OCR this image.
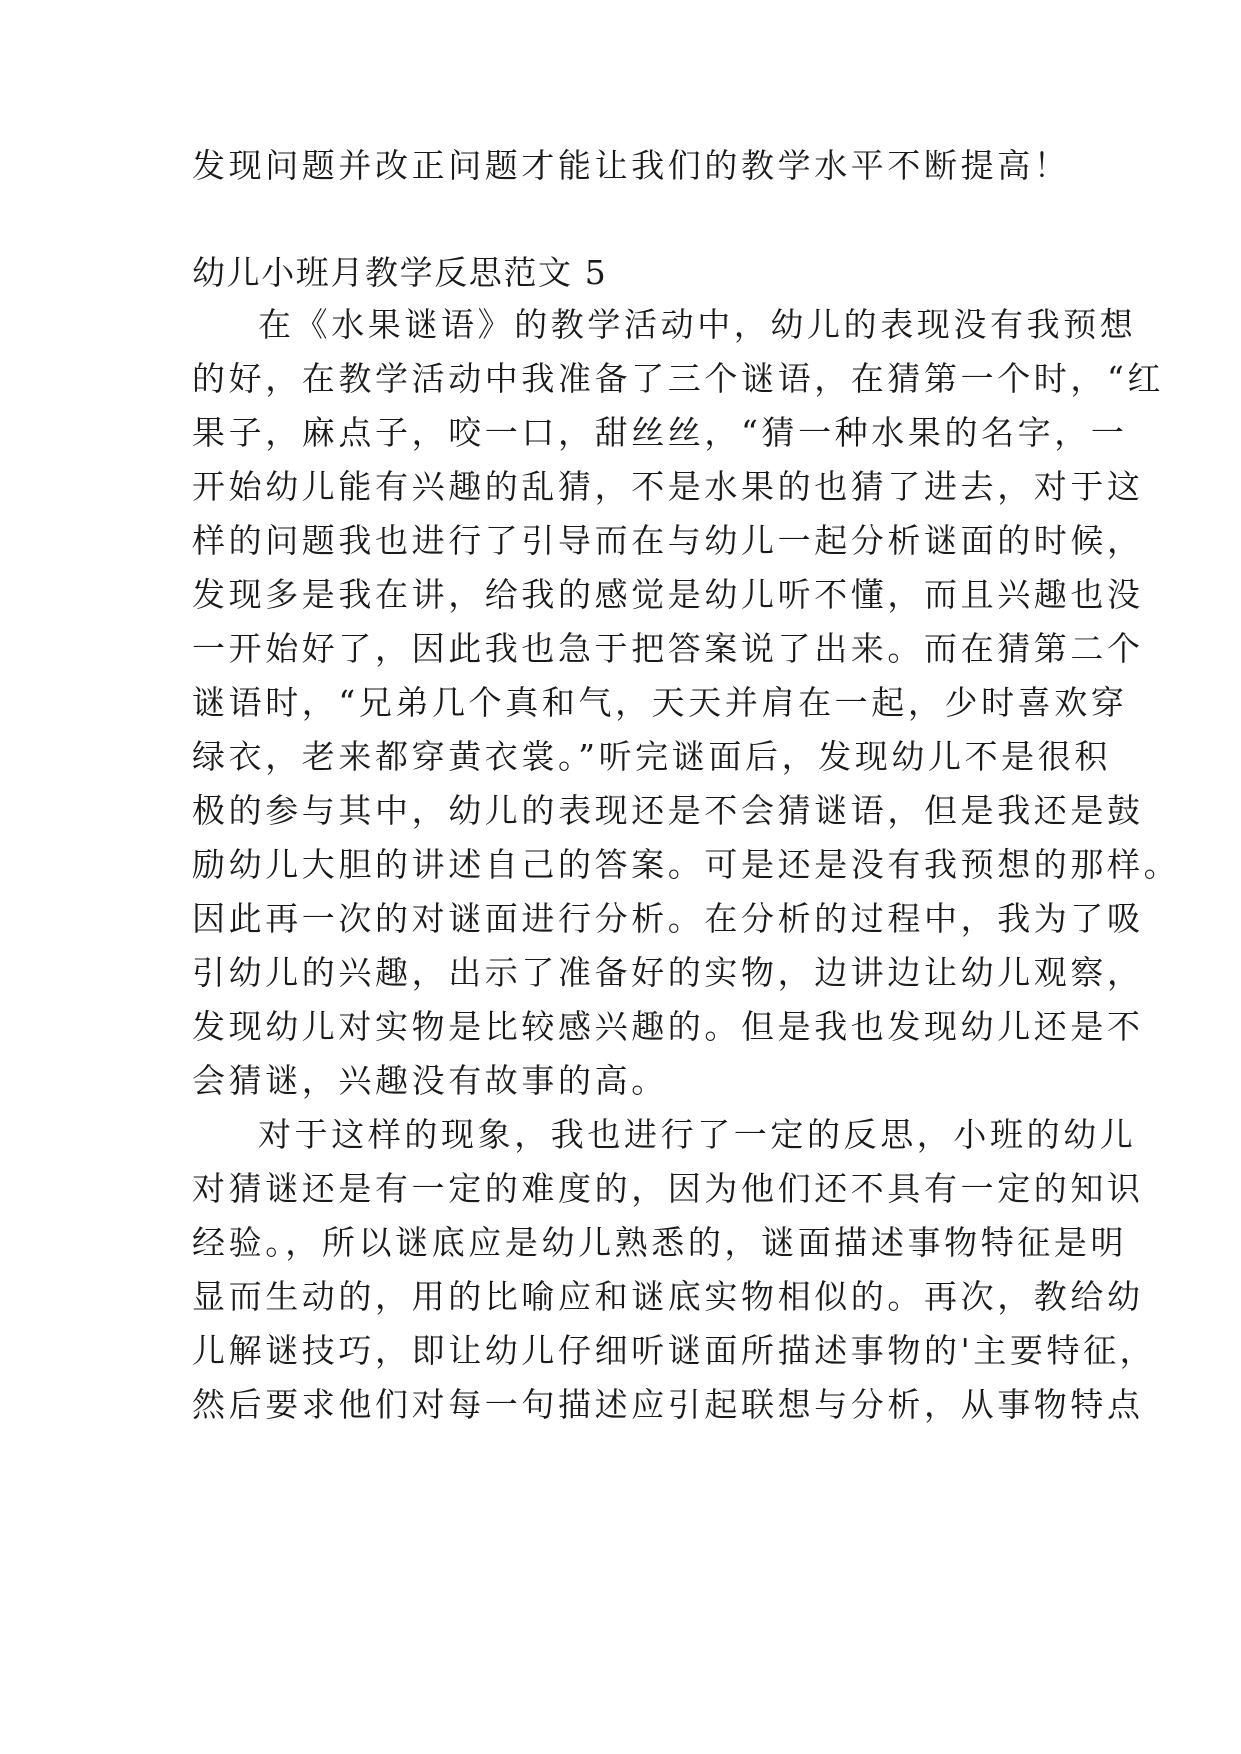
发现问题并改正问题才能让我们的教学水平不断提高！
幼儿小班月教学反思范文 5
在《水果谜语》的教学活动中，幼儿的表现没有我预想
的好，在教学活动中我准备了三个谜语，在猜第一个时，“红
果子，麻点子，咬一口，甜丝丝，“猜一种水果的名字，一
开始幼儿能有兴趣的乱猜，不是水果的也猜了进去，对于这
样的问题我也进行了引导而在与幼儿一起分析谜面的时候，
发现多是我在讲，给我的感觉是幼儿听不懂，而且兴趣也没
一开始好了，因此我也急于把答案说了出来。而在猜第二个
谜语时，“兄弟几个真和气，天天并肩在一起，少时喜欢穿
绿衣，老来都穿黄衣裳。”听完谜面后，发现幼儿不是很积
极的参与其中，幼儿的表现还是不会猜谜语，但是我还是鼓
励幼儿大胆的讲述自己的答案。可是还是没有我预想的那样。
因此再一次的对谜面进行分析。在分析的过程中，我为了吸
引幼儿的兴趣，出示了准备好的实物，边讲边让幼儿观察，
发现幼儿对实物是比较感兴趣的。但是我也发现幼儿还是不
会猜谜，兴趣没有故事的高。
对于这样的现象，我也进行了一定的反思，小班的幼儿
对猜谜还是有一定的难度的，因为他们还不具有一定的知识
经验。，所以谜底应是幼儿熟悉的，谜面描述事物特征是明
显而生动的，用的比喻应和谜底实物相似的。再次，教给幼
儿解谜技巧，即让幼儿仔细听谜面所描述事物的'主要特征，
然后要求他们对每一句描述应引起联想与分析，从事物特点
